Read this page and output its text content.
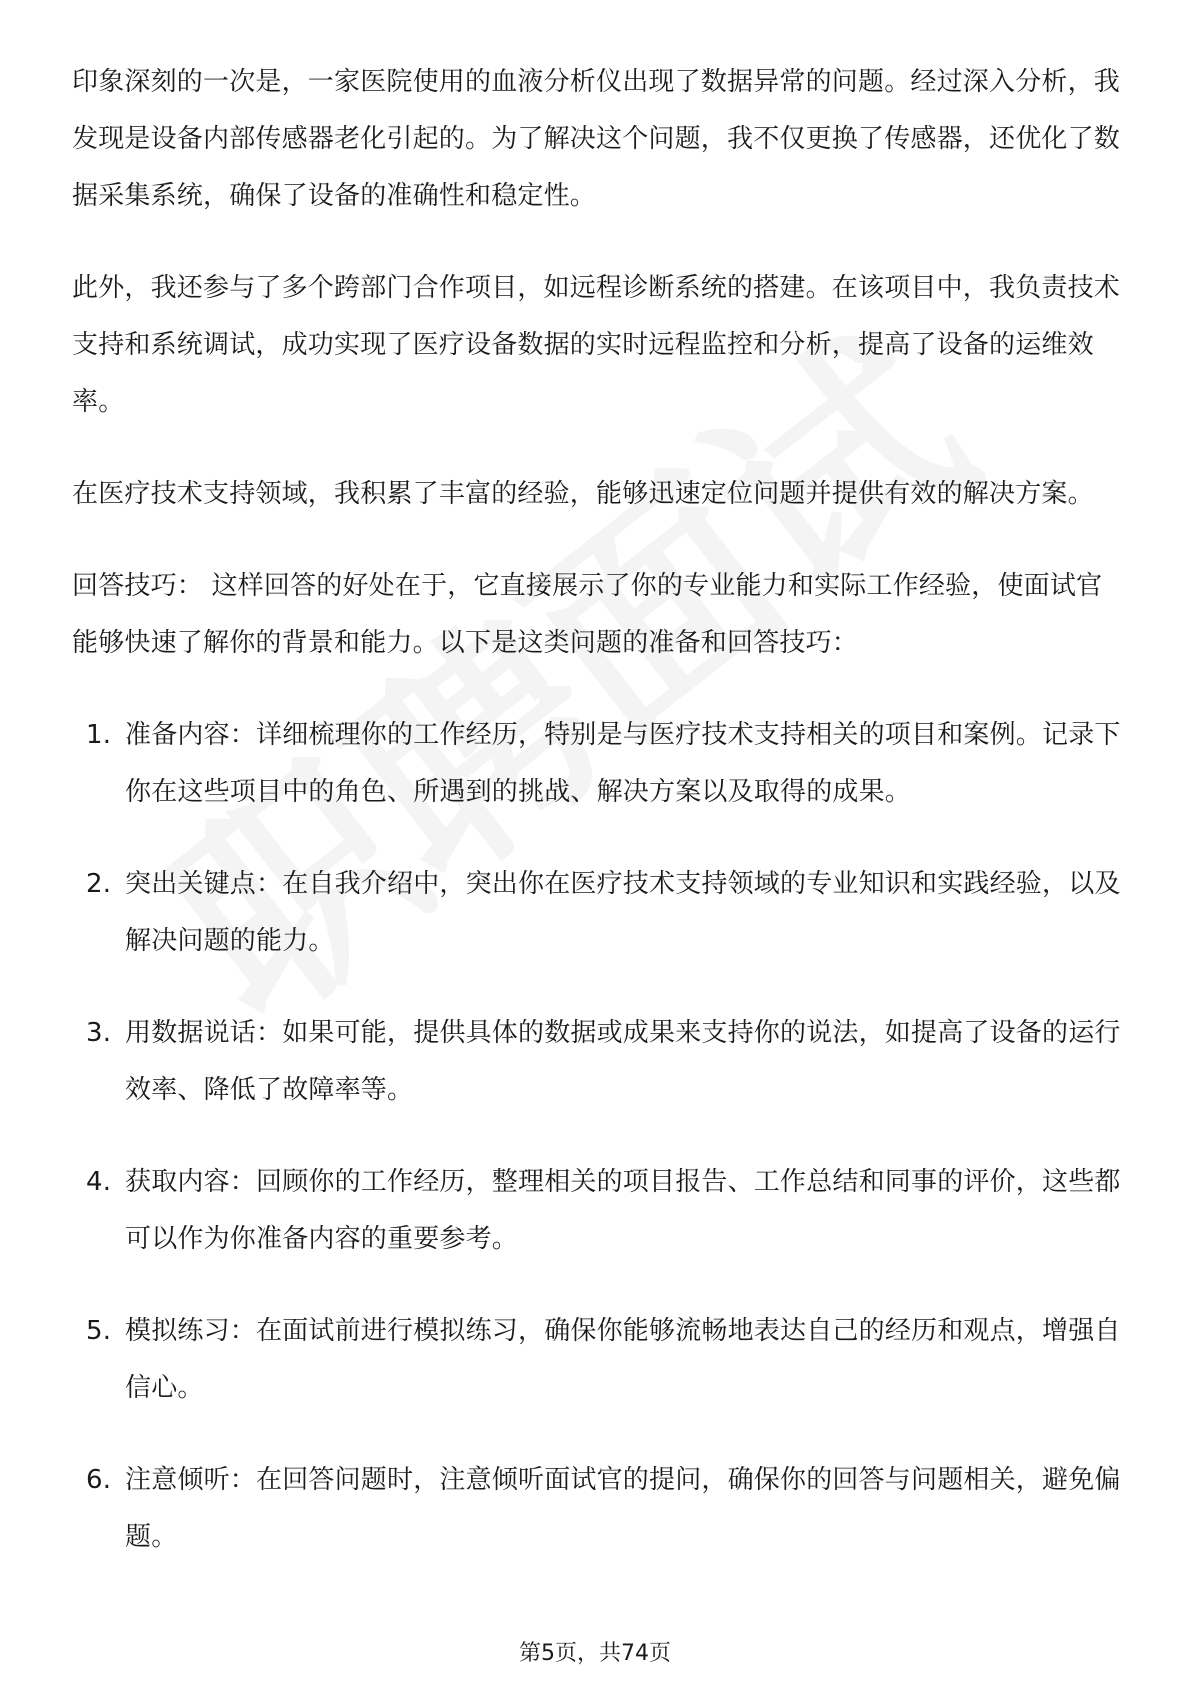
印象深刻的一次是，一家医院使用的血液分析仪出现了数据异常的问题。经过深入分析，我发现是设备内部传感器老化引起的。为了解决这个问题，我不仅更换了传感器，还优化了数据采集系统，确保了设备的准确性和稳定性。

此外，我还参与了多个跨部门合作项目，如远程诊断系统的搭建。在该项目中，我负责技术支持和系统调试，成功实现了医疗设备数据的实时远程监控和分析，提高了设备的运维效率。

在医疗技术支持领域，我积累了丰富的经验，能够迅速定位问题并提供有效的解决方案。

回答技巧： 这样回答的好处在于，它直接展示了你的专业能力和实际工作经验，使面试官能够快速了解你的背景和能力。以下是这类问题的准备和回答技巧：

1. 准备内容：详细梳理你的工作经历，特别是与医疗技术支持相关的项目和案例。记录下你在这些项目中的角色、所遇到的挑战、解决方案以及取得的成果。
2. 突出关键点：在自我介绍中，突出你在医疗技术支持领域的专业知识和实践经验，以及解决问题的能力。
3. 用数据说话：如果可能，提供具体的数据或成果来支持你的说法，如提高了设备的运行效率、降低了故障率等。
4. 获取内容：回顾你的工作经历，整理相关的项目报告、工作总结和同事的评价，这些都可以作为你准备内容的重要参考。
5. 模拟练习：在面试前进行模拟练习，确保你能够流畅地表达自己的经历和观点，增强自信心。
6. 注意倾听：在回答问题时，注意倾听面试官的提问，确保你的回答与问题相关，避免偏题。
第5页，共74页
